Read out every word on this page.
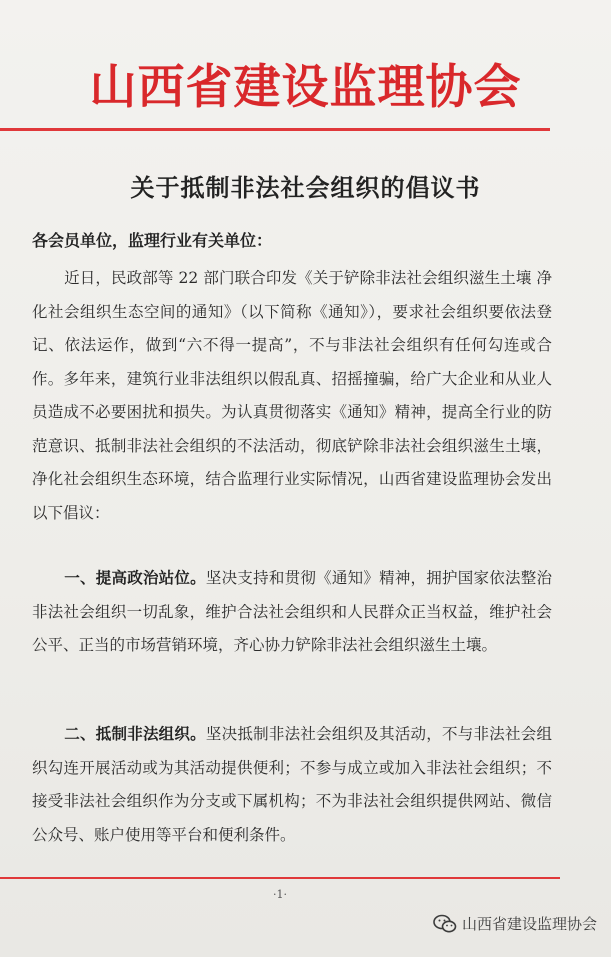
山西省建设监理协会
关于抵制非法社会组织的倡议书
各会员单位，监理行业有关单位：
近日，民政部等 22 部门联合印发《关于铲除非法社会组织滋生土壤 净化社会组织生态空间的通知》（以下简称《通知》），要求社会组织要依法登记、依法运作，做到“六不得一提高”，不与非法社会组织有任何勾连或合作。多年来，建筑行业非法组织以假乱真、招摇撞骗，给广大企业和从业人员造成不必要困扰和损失。为认真贯彻落实《通知》精神，提高全行业的防范意识、抵制非法社会组织的不法活动，彻底铲除非法社会组织滋生土壤，净化社会组织生态环境，结合监理行业实际情况，山西省建设监理协会发出以下倡议：
一、提高政治站位。坚决支持和贯彻《通知》精神，拥护国家依法整治非法社会组织一切乱象，维护合法社会组织和人民群众正当权益，维护社会公平、正当的市场营销环境，齐心协力铲除非法社会组织滋生土壤。
二、抵制非法组织。坚决抵制非法社会组织及其活动，不与非法社会组织勾连开展活动或为其活动提供便利；不参与成立或加入非法社会组织；不接受非法社会组织作为分支或下属机构；不为非法社会组织提供网站、微信公众号、账户使用等平台和便利条件。
·1·
山西省建设监理协会
